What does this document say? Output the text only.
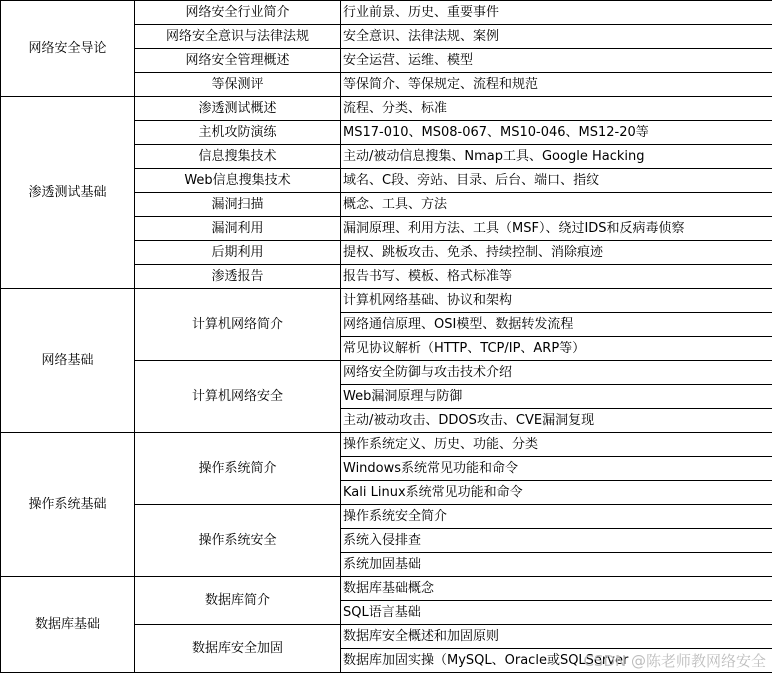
网络安全导论	网络安全行业简介	行业前景、历史、重要事件
	网络安全意识与法律法规	安全意识、法律法规、案例
	网络安全管理概述	安全运营、运维、模型
	等保测评	等保简介、等保规定、流程和规范
渗透测试基础	渗透测试概述	流程、分类、标准
	主机攻防演练	MS17-010、MS08-067、MS10-046、MS12-20等
	信息搜集技术	主动/被动信息搜集、Nmap工具、Google Hacking
	Web信息搜集技术	域名、C段、旁站、目录、后台、端口、指纹
	漏洞扫描	概念、工具、方法
	漏洞利用	漏洞原理、利用方法、工具（MSF）、绕过IDS和反病毒侦察
	后期利用	提权、跳板攻击、免杀、持续控制、消除痕迹
	渗透报告	报告书写、模板、格式标准等
网络基础	计算机网络简介	计算机网络基础、协议和架构
		网络通信原理、OSI模型、数据转发流程
		常见协议解析（HTTP、TCP/IP、ARP等）
	计算机网络安全	网络安全防御与攻击技术介绍
		Web漏洞原理与防御
		主动/被动攻击、DDOS攻击、CVE漏洞复现
操作系统基础	操作系统简介	操作系统定义、历史、功能、分类
		Windows系统常见功能和命令
		Kali Linux系统常见功能和命令
	操作系统安全	操作系统安全简介
		系统入侵排查
		系统加固基础
数据库基础	数据库简介	数据库基础概念
		SQL语言基础
	数据库安全加固	数据库安全概述和加固原则
		数据库加固实操（MySQL、Oracle或SQLServer
CSDN @陈老师教网络安全
